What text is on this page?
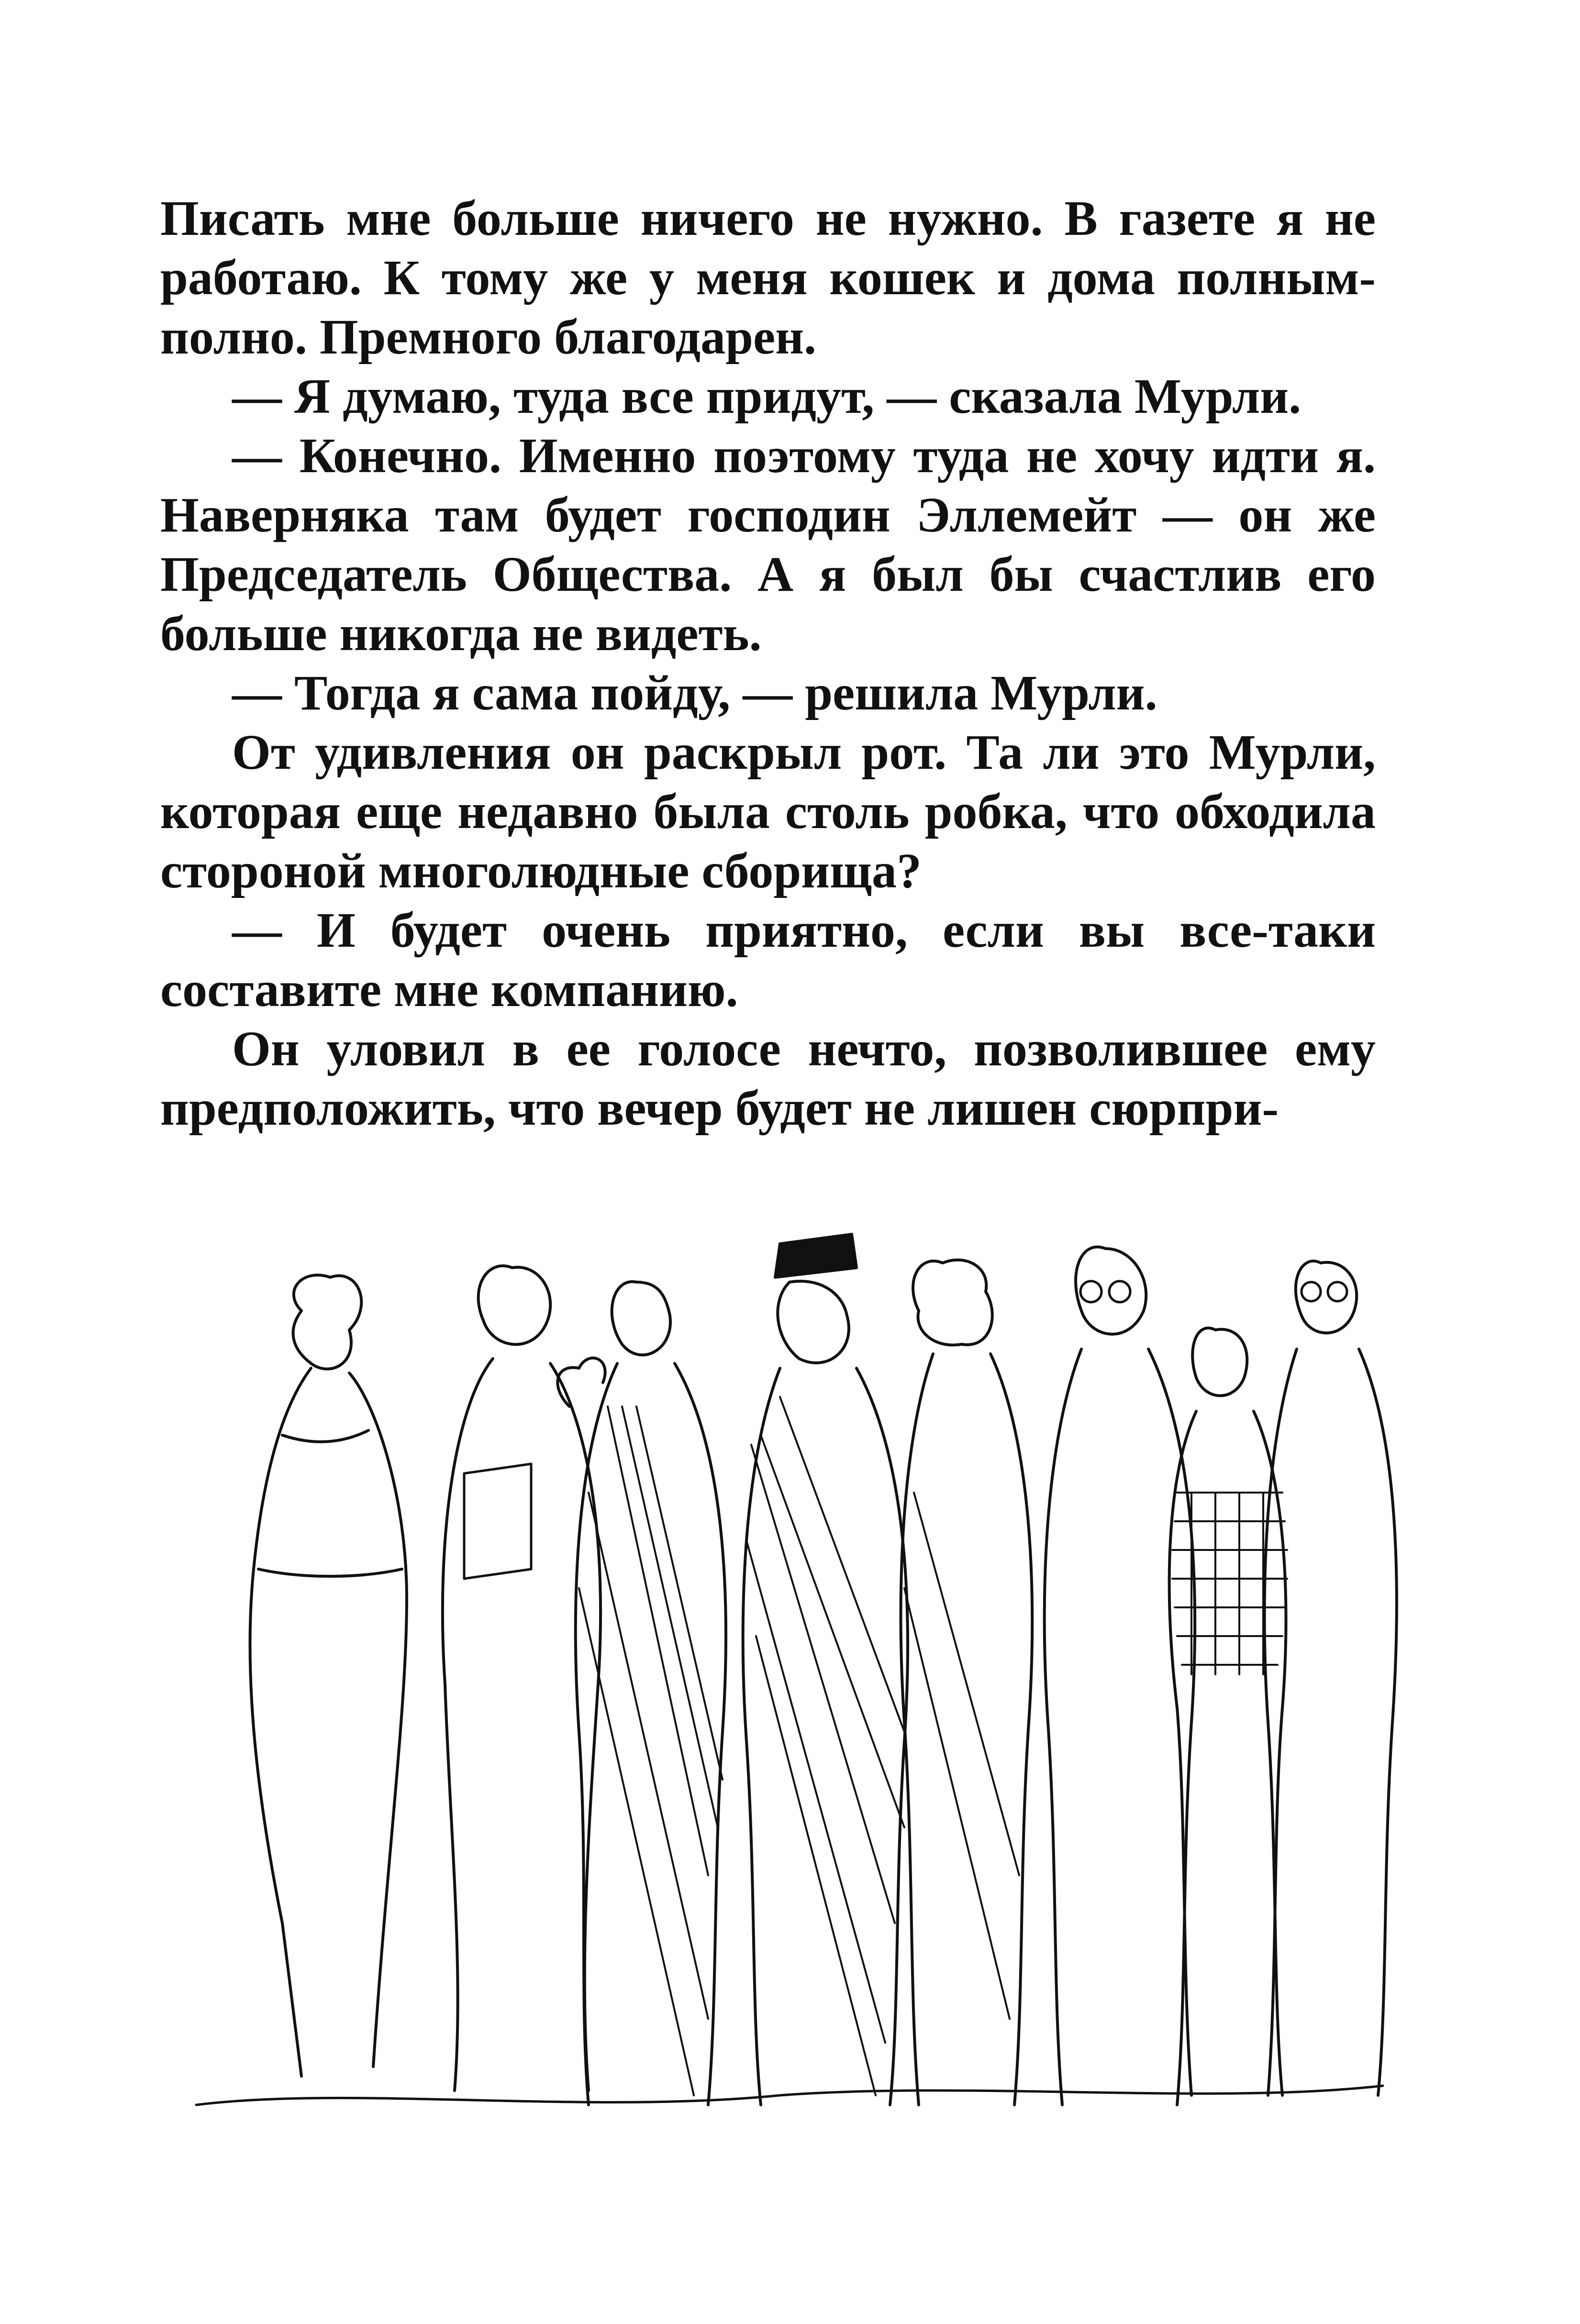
Писать мне больше ничего не нужно. В газете я не работаю. К тому же у меня кошек и дома полным-полно. Премного благодарен.

— Я думаю, туда все придут, — сказала Мурли.

— Конечно. Именно поэтому туда не хочу идти я. Наверняка там будет господин Эллемейт — он же Председатель Общества. А я был бы счастлив его больше никогда не видеть.

— Тогда я сама пойду, — решила Мурли.

От удивления он раскрыл рот. Та ли это Мурли, которая еще недавно была столь робка, что обходила стороной многолюдные сборища?

— И будет очень приятно, если вы все-таки составите мне компанию.

Он уловил в ее голосе нечто, позволившее ему предположить, что вечер будет не лишен сюрпри-
